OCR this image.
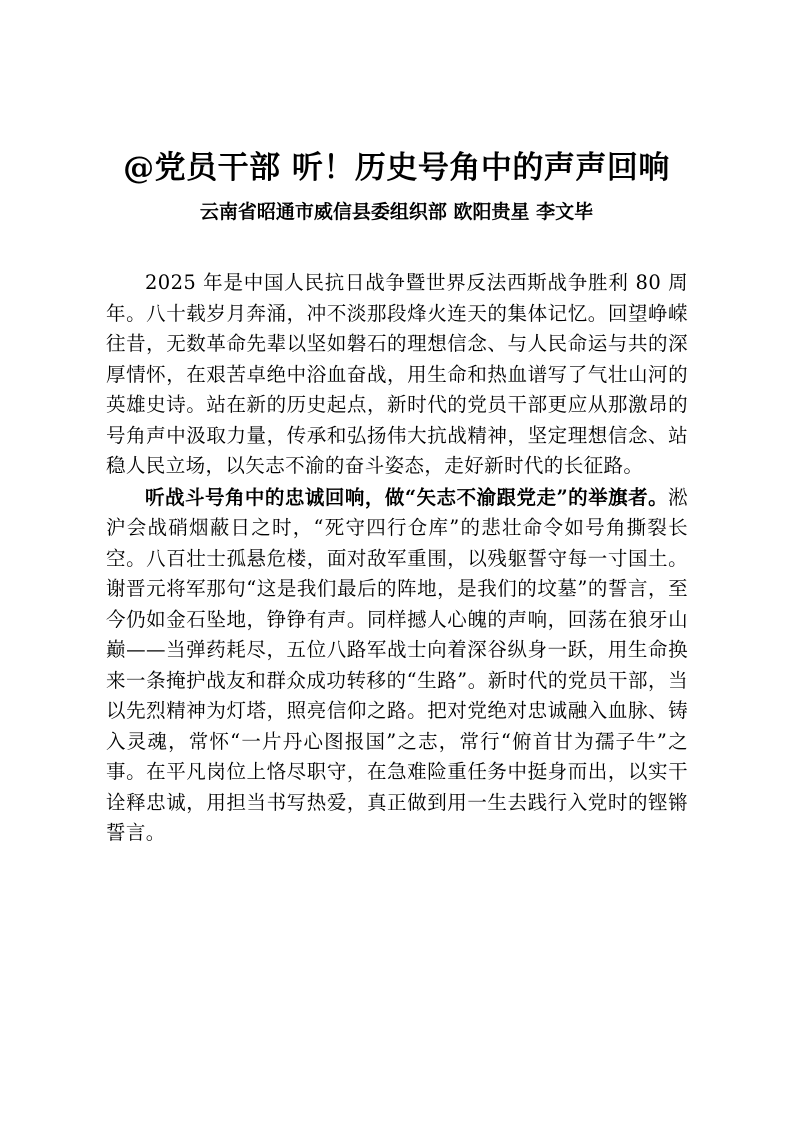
@党员干部 听！历史号角中的声声回响

云南省昭通市威信县委组织部 欧阳贵星 李文毕

2025 年是中国人民抗日战争暨世界反法西斯战争胜利 80 周年。八十载岁月奔涌，冲不淡那段烽火连天的集体记忆。回望峥嵘往昔，无数革命先辈以坚如磐石的理想信念、与人民命运与共的深厚情怀，在艰苦卓绝中浴血奋战，用生命和热血谱写了气壮山河的英雄史诗。站在新的历史起点，新时代的党员干部更应从那激昂的号角声中汲取力量，传承和弘扬伟大抗战精神，坚定理想信念、站稳人民立场，以矢志不渝的奋斗姿态，走好新时代的长征路。

听战斗号角中的忠诚回响，做“矢志不渝跟党走”的举旗者。淞沪会战硝烟蔽日之时，“死守四行仓库”的悲壮命令如号角撕裂长空。八百壮士孤悬危楼，面对敌军重围，以残躯誓守每一寸国土。谢晋元将军那句“这是我们最后的阵地，是我们的坟墓”的誓言，至今仍如金石坠地，铮铮有声。同样撼人心魄的声响，回荡在狼牙山巅——当弹药耗尽，五位八路军战士向着深谷纵身一跃，用生命换来一条掩护战友和群众成功转移的“生路”。新时代的党员干部，当以先烈精神为灯塔，照亮信仰之路。把对党绝对忠诚融入血脉、铸入灵魂，常怀“一片丹心图报国”之志，常行“俯首甘为孺子牛”之事。在平凡岗位上恪尽职守，在急难险重任务中挺身而出，以实干诠释忠诚，用担当书写热爱，真正做到用一生去践行入党时的铿锵誓言。
